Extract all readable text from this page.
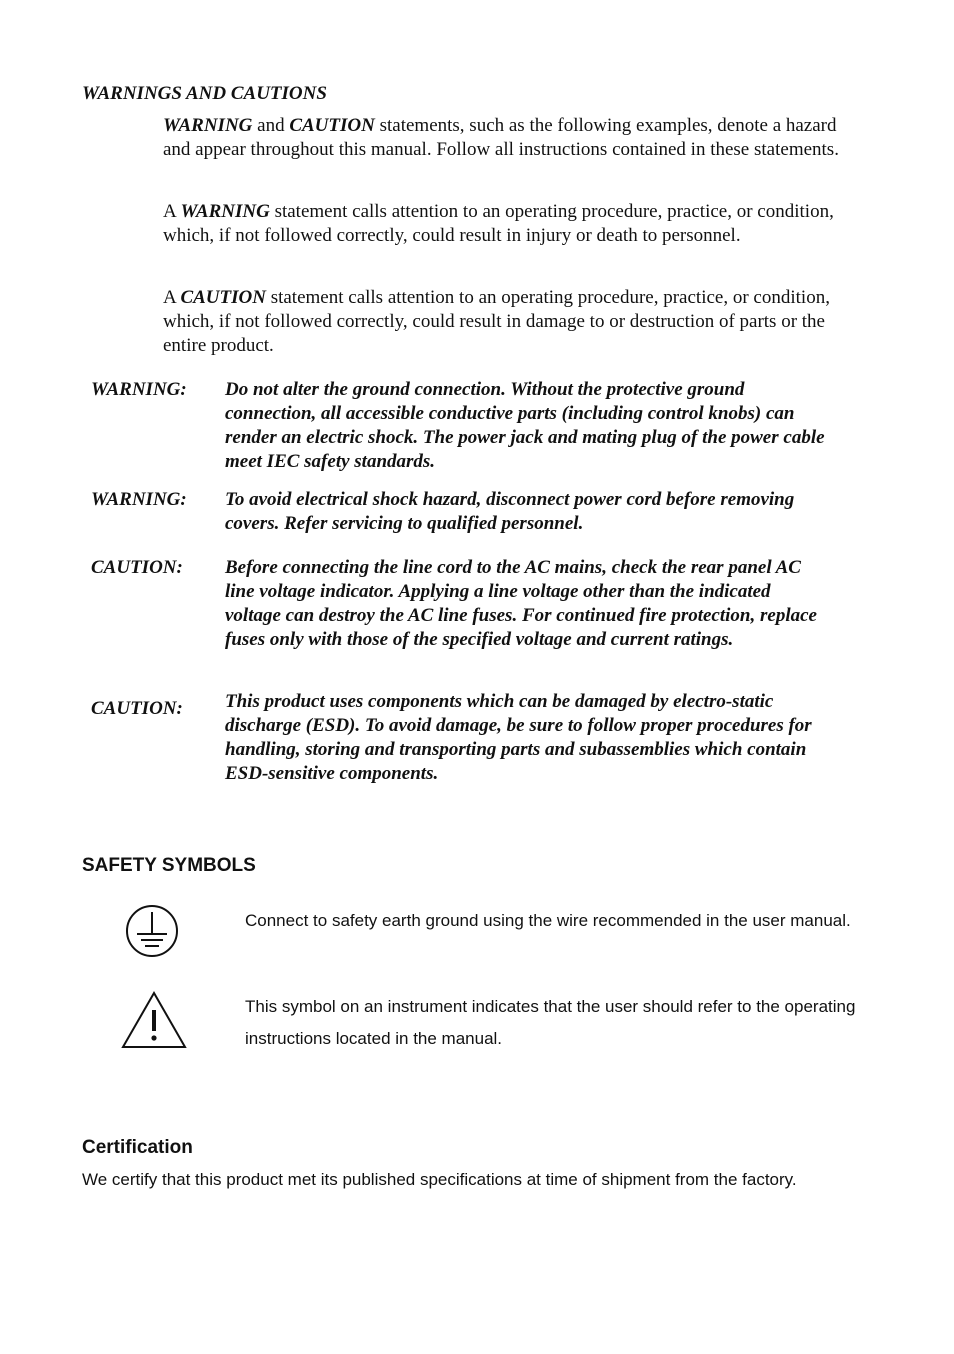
WARNINGS AND CAUTIONS
WARNING and CAUTION statements, such as the following examples, denote a hazard and appear throughout this manual. Follow all instructions contained in these statements.
A WARNING statement calls attention to an operating procedure, practice, or condition, which, if not followed correctly, could result in injury or death to personnel.
A CAUTION statement calls attention to an operating procedure, practice, or condition, which, if not followed correctly, could result in damage to or destruction of parts or the entire product.
WARNING: Do not alter the ground connection. Without the protective ground connection, all accessible conductive parts (including control knobs) can render an electric shock. The power jack and mating plug of the power cable meet IEC safety standards.
WARNING: To avoid electrical shock hazard, disconnect power cord before removing covers. Refer servicing to qualified personnel.
CAUTION: Before connecting the line cord to the AC mains, check the rear panel AC line voltage indicator. Applying a line voltage other than the indicated voltage can destroy the AC line fuses. For continued fire protection, replace fuses only with those of the specified voltage and current ratings.
CAUTION: This product uses components which can be damaged by electro-static discharge (ESD). To avoid damage, be sure to follow proper procedures for handling, storing and transporting parts and subassemblies which contain ESD-sensitive components.
SAFETY SYMBOLS
Connect to safety earth ground using the wire recommended in the user manual.
This symbol on an instrument indicates that the user should refer to the operating instructions located in the manual.
Certification
We certify that this product met its published specifications at time of shipment from the factory.
